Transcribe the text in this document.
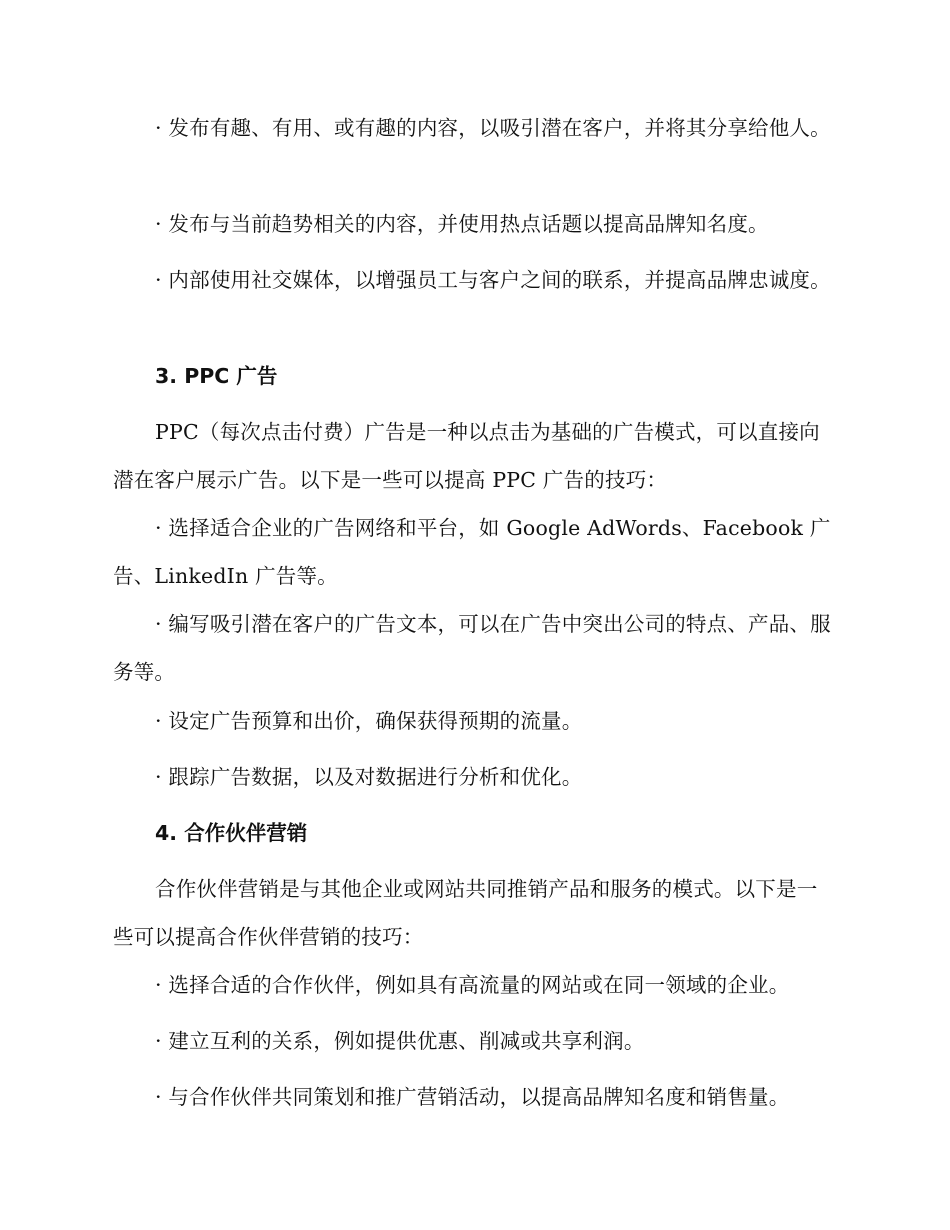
· 发布有趣、有用、或有趣的内容，以吸引潜在客户，并将其分享给他人。
· 发布与当前趋势相关的内容，并使用热点话题以提高品牌知名度。
· 内部使用社交媒体，以增强员工与客户之间的联系，并提高品牌忠诚度。
3. PPC 广告
PPC（每次点击付费）广告是一种以点击为基础的广告模式，可以直接向潜在客户展示广告。以下是一些可以提高 PPC 广告的技巧：
· 选择适合企业的广告网络和平台，如 Google AdWords、Facebook 广告、LinkedIn 广告等。
· 编写吸引潜在客户的广告文本，可以在广告中突出公司的特点、产品、服务等。
· 设定广告预算和出价，确保获得预期的流量。
· 跟踪广告数据，以及对数据进行分析和优化。
4. 合作伙伴营销
合作伙伴营销是与其他企业或网站共同推销产品和服务的模式。以下是一些可以提高合作伙伴营销的技巧：
· 选择合适的合作伙伴，例如具有高流量的网站或在同一领域的企业。
· 建立互利的关系，例如提供优惠、削减或共享利润。
· 与合作伙伴共同策划和推广营销活动，以提高品牌知名度和销售量。
